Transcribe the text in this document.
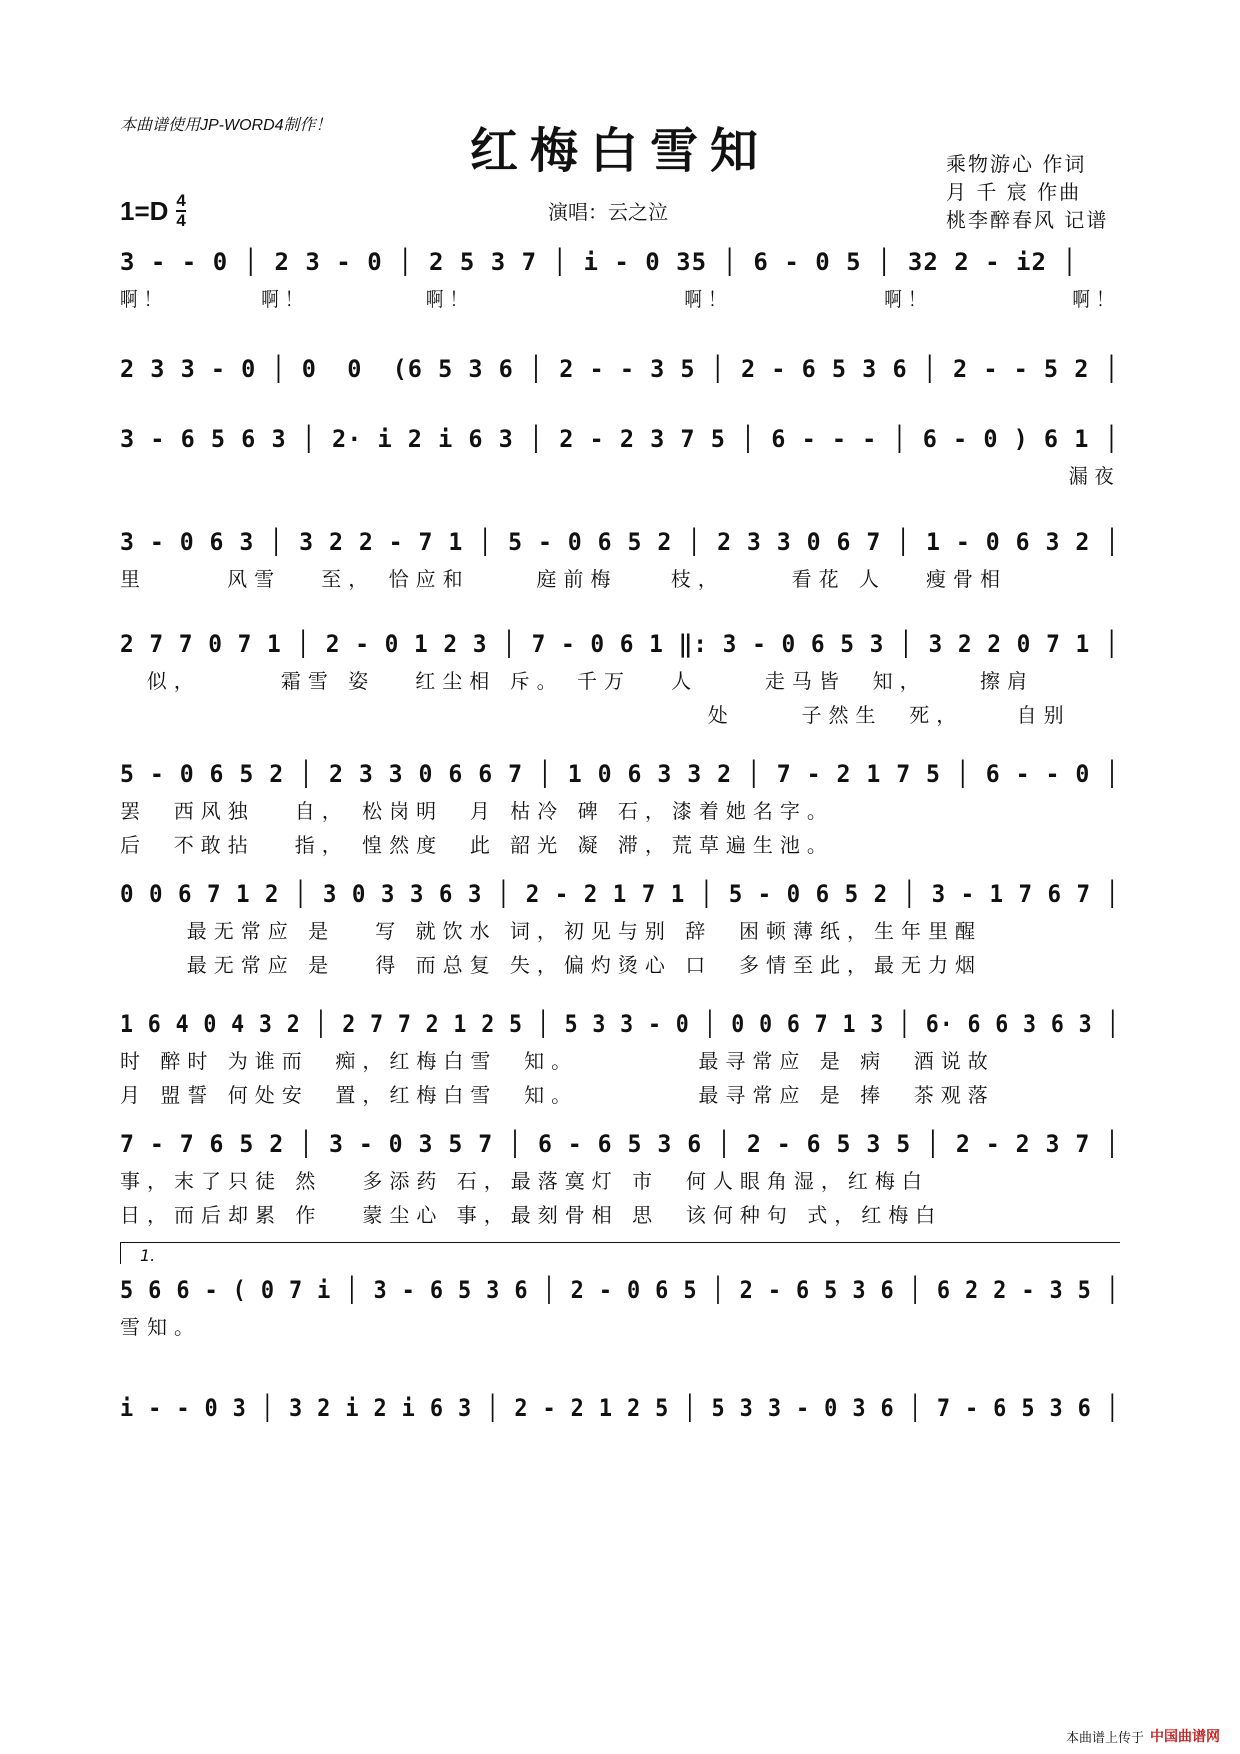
本曲谱使用JP-WORD4制作！	红梅白雪知
1=D 4
4	演唱：云之泣
乘物游心 作词
月 千 宸 作曲
桃李醉春风 记谱
3 - - 0 │ 2 3 - 0 │ 2 5 3 7 │ i - 0 35 │ 6 - 0 5 │ 32 2 - i2 │
啊！        啊！          啊！                  啊！             啊！            啊！
2 3 3 - 0 │ 0  0  (6 5 3 6 │ 2 - - 3 5 │ 2 - 6 5 3 6 │ 2 - - 5 2 │
3 - 6 5 6 3 │ 2· i 2 i 6 3 │ 2 - 2 3 7 5 │ 6 - - - │ 6 - 0 ) 6 1 │
漏夜
3 - 0 6 3 │ 3 2 2 - 7 1 │ 5 - 0 6 5 2 │ 2 3 3 0 6 7 │ 1 - 0 6 3 2 │
里      风雪   至， 恰应和     庭前梅    枝，     看花 人   瘦骨相
2 7 7 0 7 1 │ 2 - 0 1 2 3 │ 7 - 0 6 1 ‖: 3 - 0 6 5 3 │ 3 2 2 0 7 1 │
似，      霜雪 姿   红尘相 斥。 千万   人     走马皆  知，    擦肩
处     子然生  死，    自别
5 - 0 6 5 2 │ 2 3 3 0 6 6 7 │ 1 0 6 3 3 2 │ 7 - 2 1 7 5 │ 6 - - 0 │
罢  西风独   自， 松岗明  月 枯冷 碑 石，漆着她名字。
后  不敢拈   指， 惶然度  此 韶光 凝 滞，荒草遍生池。
0 0 6 7 1 2 │ 3 0 3 3 6 3 │ 2 - 2 1 7 1 │ 5 - 0 6 5 2 │ 3 - 1 7 6 7 │
最无常应 是   写 就饮水 词，初见与别 辞  困顿薄纸，生年里醒
最无常应 是   得 而总复 失，偏灼烫心 口  多情至此，最无力烟
1 6 4 0 4 3 2 │ 2 7 7 2 1 2 5 │ 5 3 3 - 0 │ 0 0 6 7 1 3 │ 6· 6 6 3 6 3 │
时 醉时 为谁而  痴，红梅白雪  知。         最寻常应 是 病  酒说故
月 盟誓 何处安  置，红梅白雪  知。         最寻常应 是 捧  茶观落
7 - 7 6 5 2 │ 3 - 0 3 5 7 │ 6 - 6 5 3 6 │ 2 - 6 5 3 5 │ 2 - 2 3 7 │
事，末了只徒 然   多添药 石，最落寞灯 市  何人眼角湿，红梅白
日，而后却累 作   蒙尘心 事，最刻骨相 思  该何种句 式，红梅白
1.
5 6 6 - ( 0 7 i │ 3 - 6 5 3 6 │ 2 - 0 6 5 │ 2 - 6 5 3 6 │ 6 2 2 - 3 5 │
雪知。
i - - 0 3 │ 3 2 i 2 i 6 3 │ 2 - 2 1 2 5 │ 5 3 3 - 0 3 6 │ 7 - 6 5 3 6 │
本曲谱上传于 中国曲谱网
